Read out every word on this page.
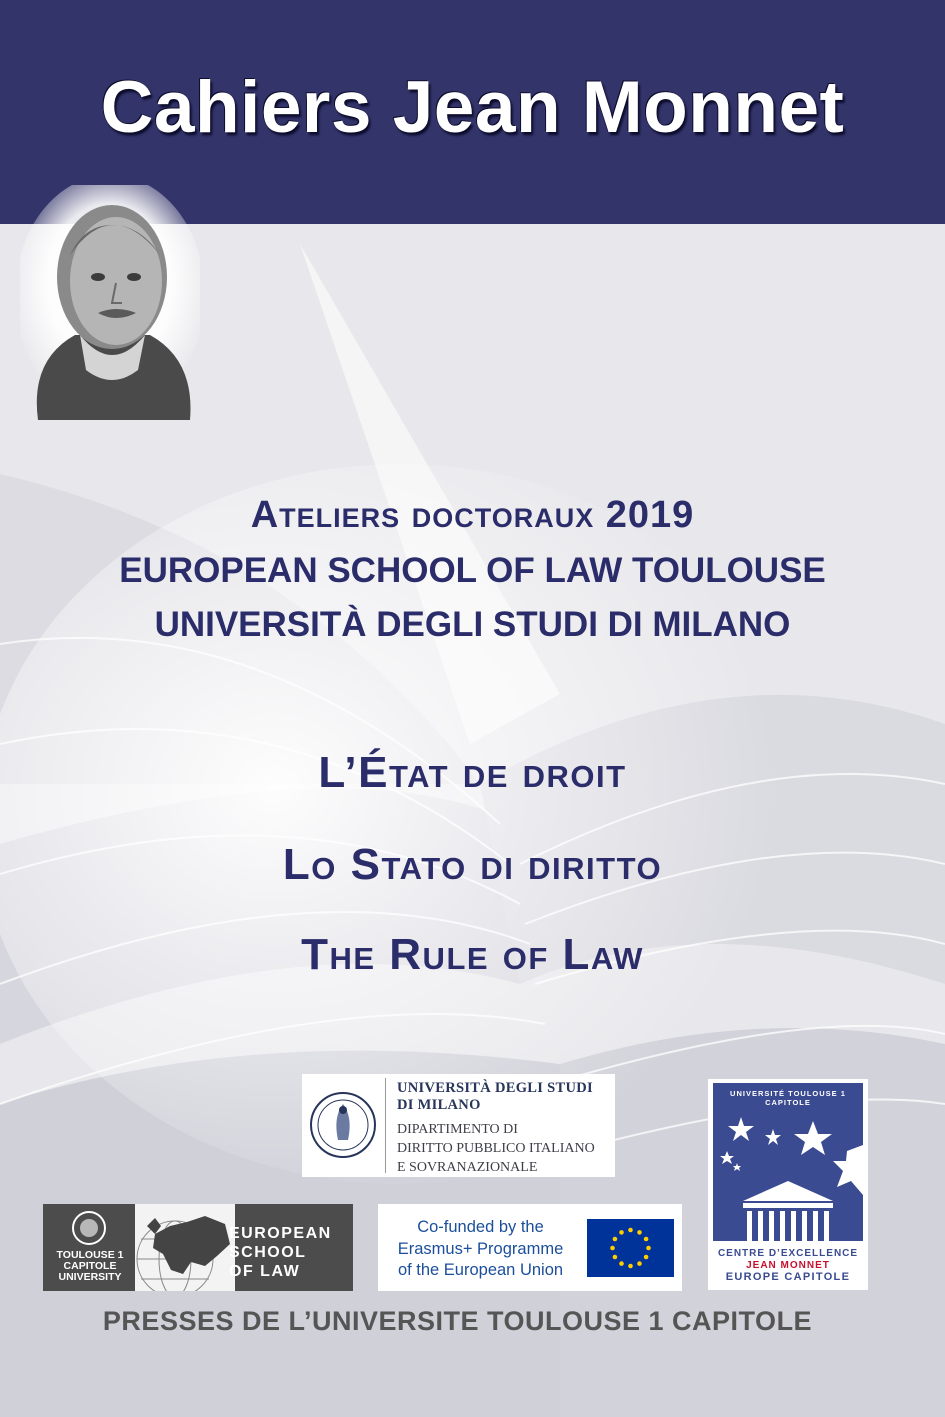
Cahiers Jean Monnet
Ateliers doctoraux 2019
EUROPEAN SCHOOL OF LAW TOULOUSE
UNIVERSITÀ DEGLI STUDI DI MILANO
L’État de droit
Lo Stato di diritto
The Rule of Law
UNIVERSITÀ DEGLI STUDI
DI MILANO
DIPARTIMENTO DI
DIRITTO PUBBLICO ITALIANO
E SOVRANAZIONALE
UNIVERSITÉ TOULOUSE 1
CAPITOLE
CENTRE D’EXCELLENCE
JEAN MONNET
EUROPE CAPITOLE
TOULOUSE 1
CAPITOLE
UNIVERSITY
EUROPEAN
SCHOOL
OF LAW
Co-funded by the
Erasmus+ Programme
of the European Union
PRESSES DE L’UNIVERSITE TOULOUSE 1 CAPITOLE
